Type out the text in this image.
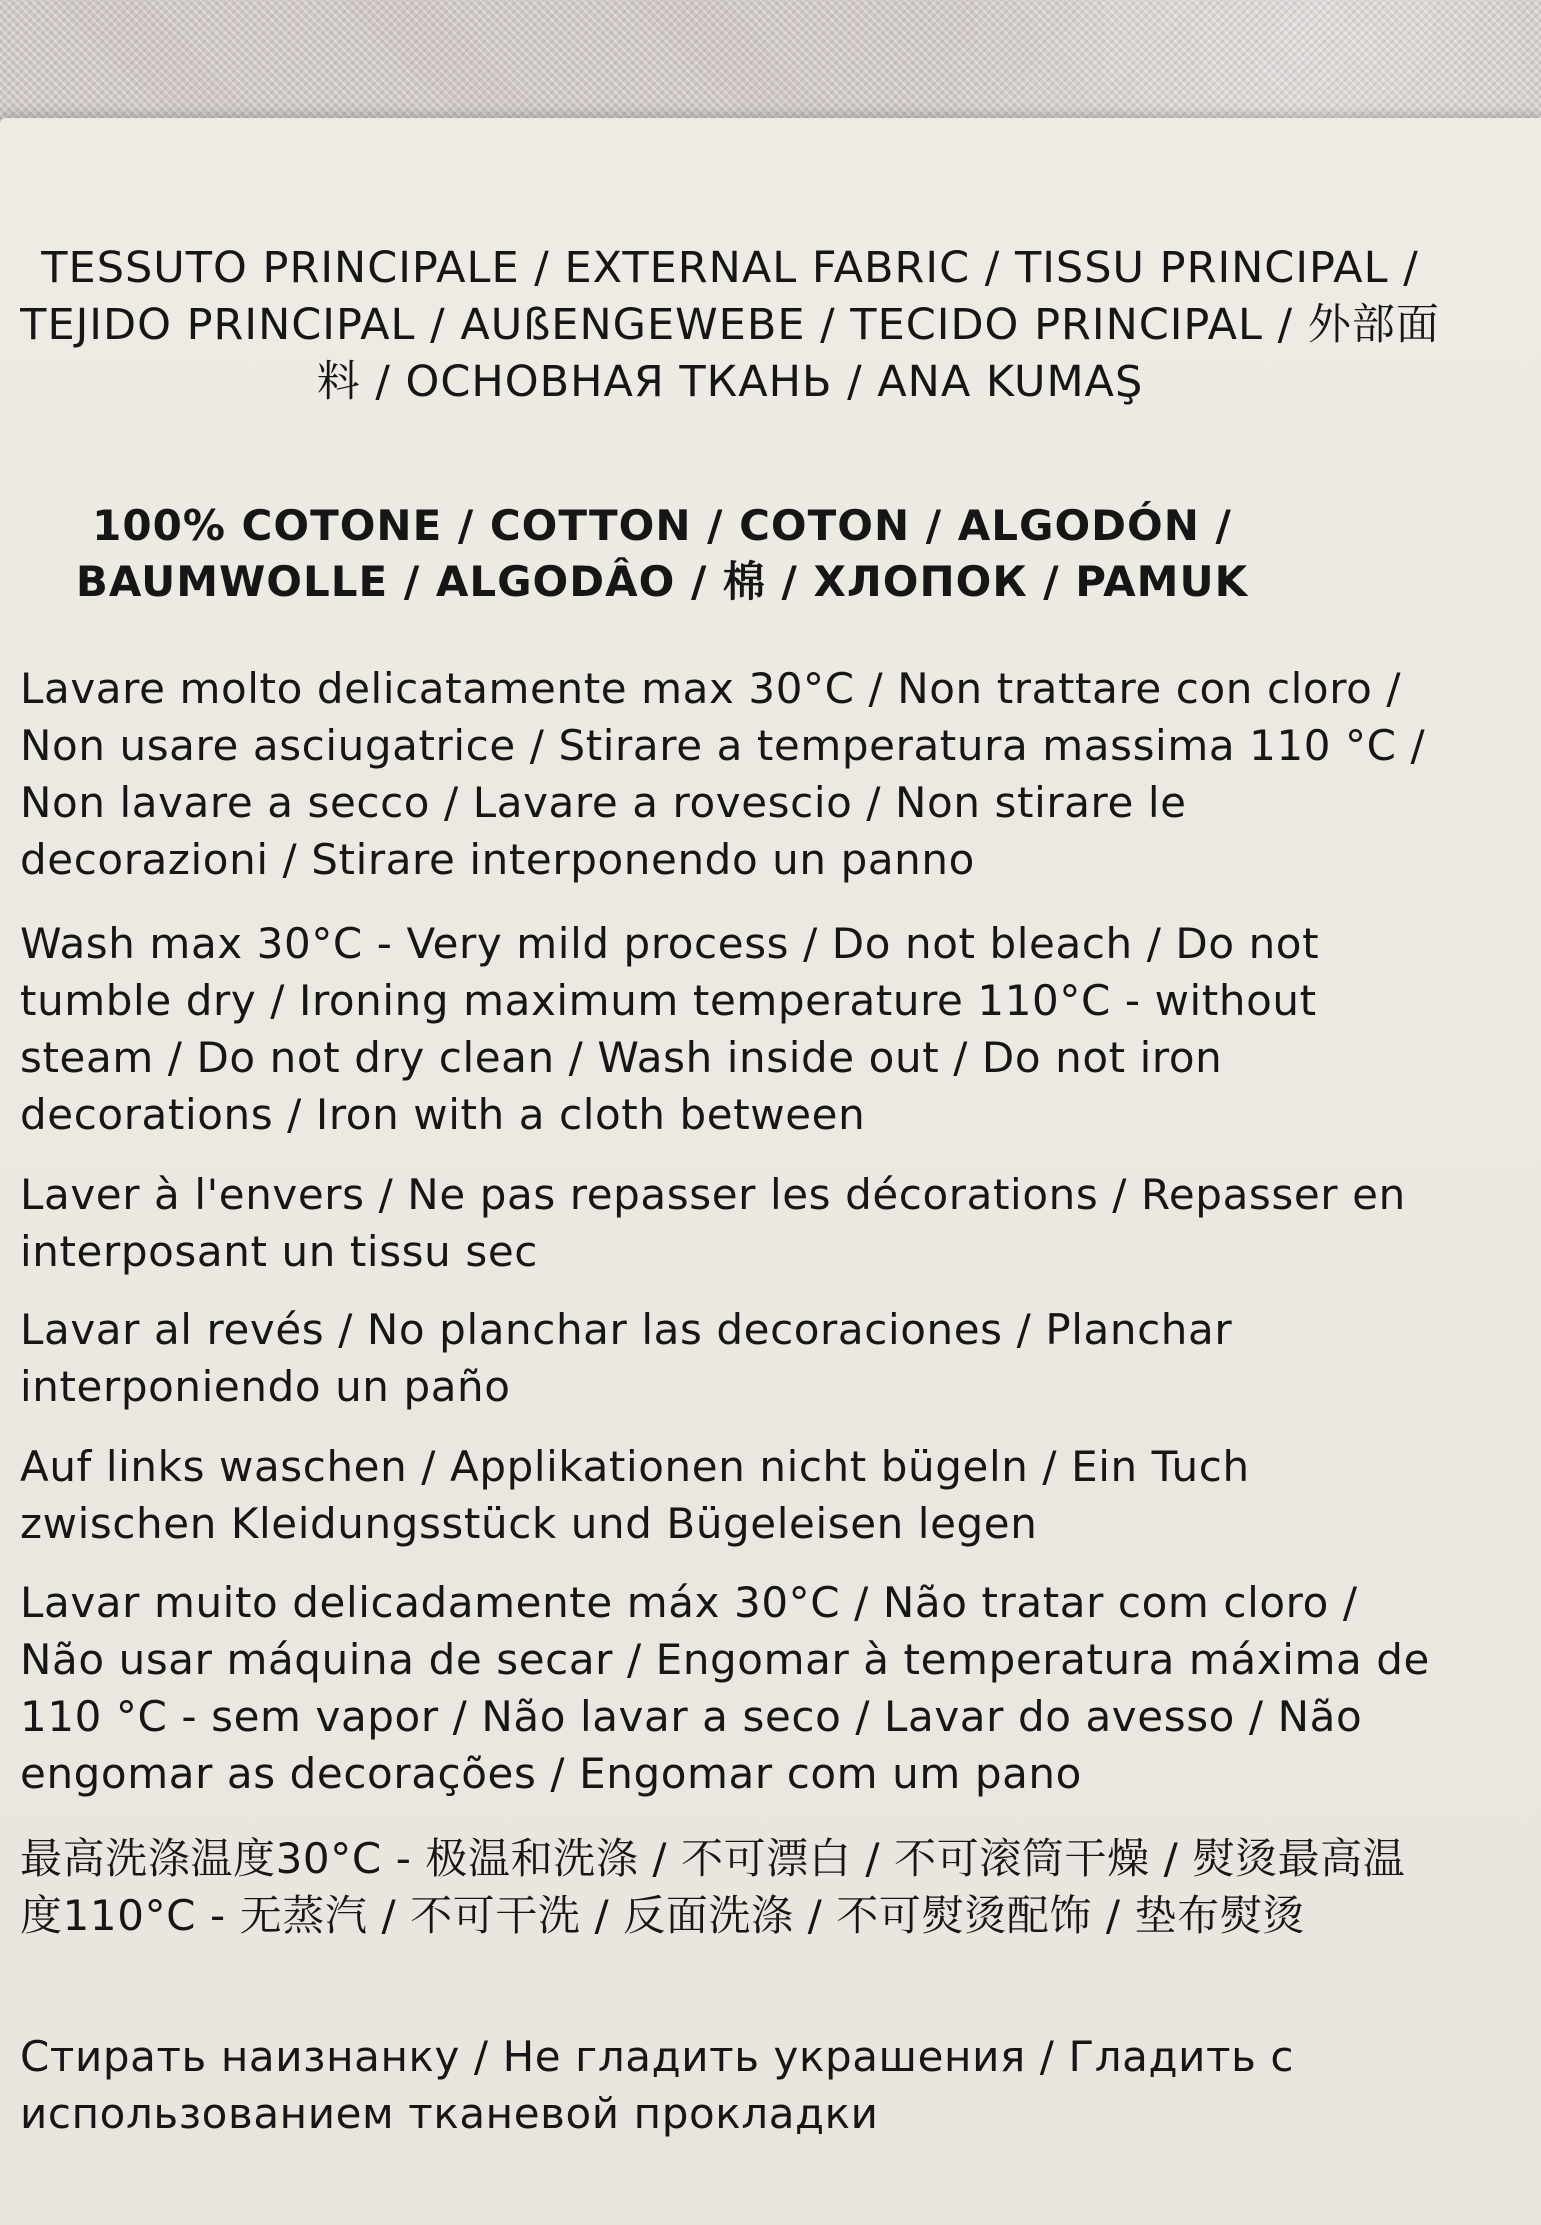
TESSUTO PRINCIPALE / EXTERNAL FABRIC / TISSU PRINCIPAL / TEJIDO PRINCIPAL / AUßENGEWEBE / TECIDO PRINCIPAL / 外部面料 / ОСНОВНАЯ ТКАНЬ / ANA KUMAŞ
100% COTONE / COTTON / COTON / ALGODÓN / BAUMWOLLE / ALGODÂO / 棉 / ХЛОПОК / PAMUK

Lavare molto delicatamente max 30°C / Non trattare con cloro / Non usare asciugatrice / Stirare a temperatura massima 110 °C / Non lavare a secco / Lavare a rovescio / Non stirare le decorazioni / Stirare interponendo un panno

Wash max 30°C - Very mild process / Do not bleach / Do not tumble dry / Ironing maximum temperature 110°C - without steam / Do not dry clean / Wash inside out / Do not iron decorations / Iron with a cloth between

Laver à l'envers / Ne pas repasser les décorations / Repasser en interposant un tissu sec

Lavar al revés / No planchar las decoraciones / Planchar interponiendo un paño

Auf links waschen / Applikationen nicht bügeln / Ein Tuch zwischen Kleidungsstück und Bügeleisen legen

Lavar muito delicadamente máx 30°C / Não tratar com cloro / Não usar máquina de secar / Engomar à temperatura máxima de 110 °C - sem vapor / Não lavar a seco / Lavar do avesso / Não engomar as decorações / Engomar com um pano

最高洗涤温度30°C - 极温和洗涤 / 不可漂白 / 不可滚筒干燥 / 熨烫最高温度110°C - 无蒸汽 / 不可干洗 / 反面洗涤 / 不可熨烫配饰 / 垫布熨烫

Стирать наизнанку / Не гладить украшения / Гладить с использованием тканевой прокладки
